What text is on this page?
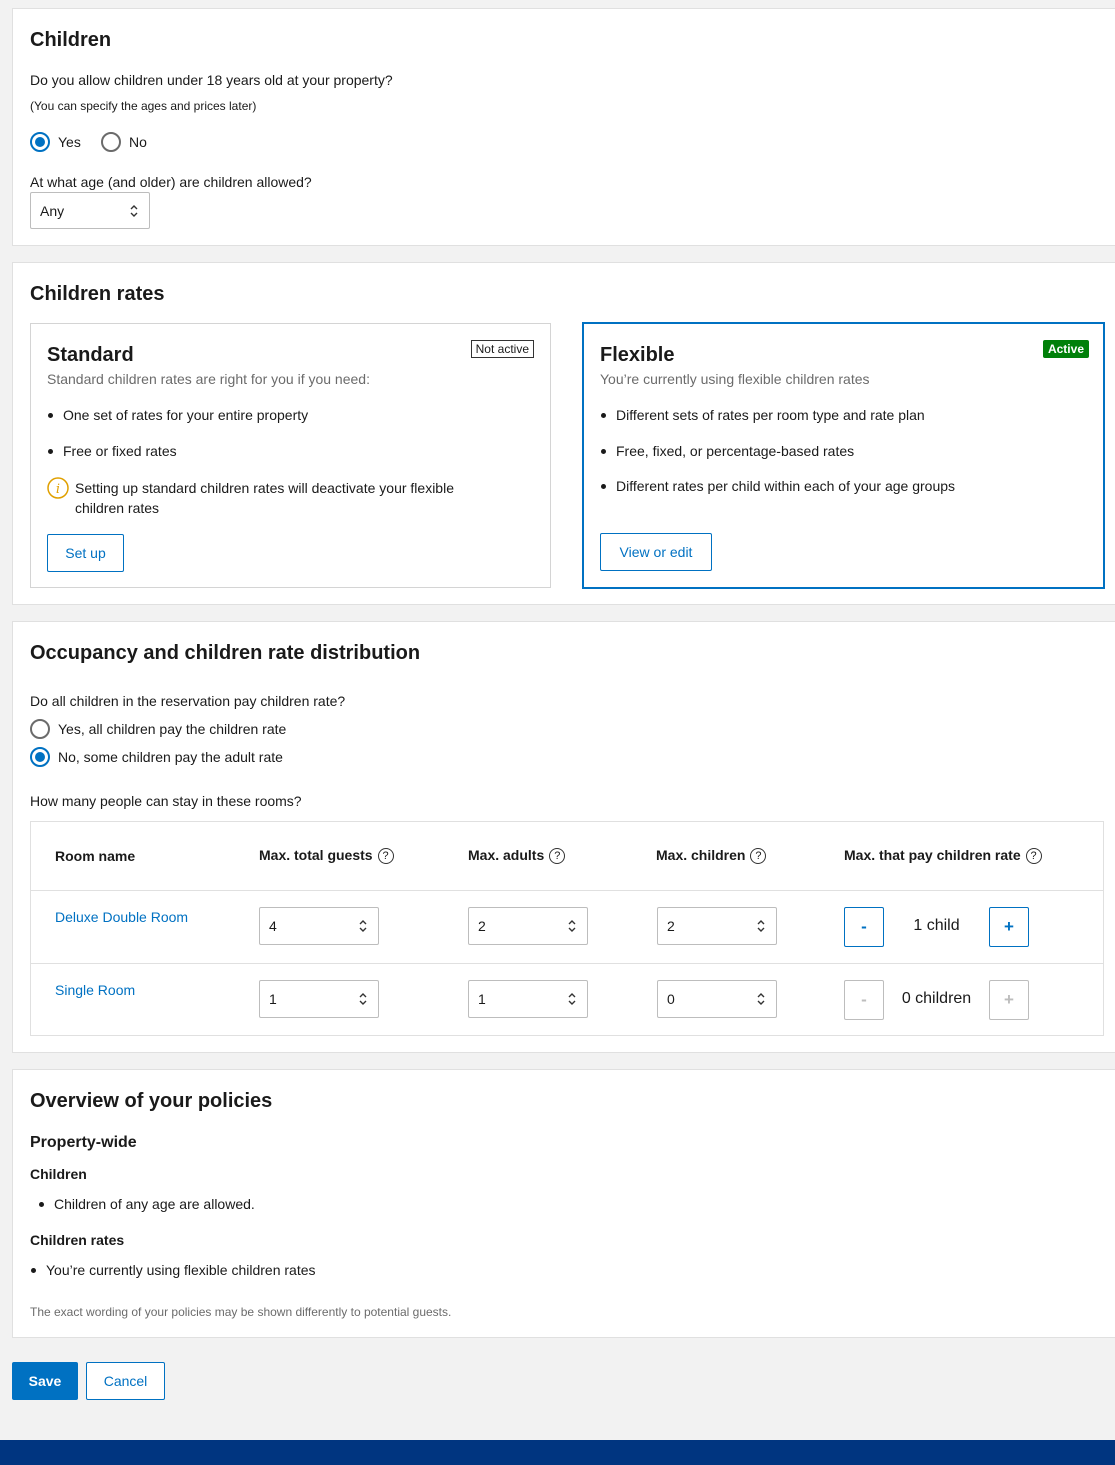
Children
Do you allow children under 18 years old at your property?
(You can specify the ages and prices later)
Yes	No
At what age (and older) are children allowed?
Any
Children rates
Standard	Not active
Standard children rates are right for you if you need:
One set of rates for your entire property
Free or fixed rates
i Setting up standard children rates will deactivate your flexible
children rates
Set up
Flexible	Active
You’re currently using flexible children rates
Different sets of rates per room type and rate plan
Free, fixed, or percentage-based rates
Different rates per child within each of your age groups
View or edit
Occupancy and children rate distribution
Do all children in the reservation pay children rate?
Yes, all children pay the children rate
No, some children pay the adult rate
How many people can stay in these rooms?
Room name	Max. total guests ?	Max. adults ?	Max. children ?	Max. that pay children rate ?
Deluxe Double Room
4	2	2	-	1 child	+
Single Room
1	1	0	-	0 children	+
Overview of your policies
Property-wide
Children
Children of any age are allowed.
Children rates
You’re currently using flexible children rates
The exact wording of your policies may be shown differently to potential guests.
Save	Cancel
